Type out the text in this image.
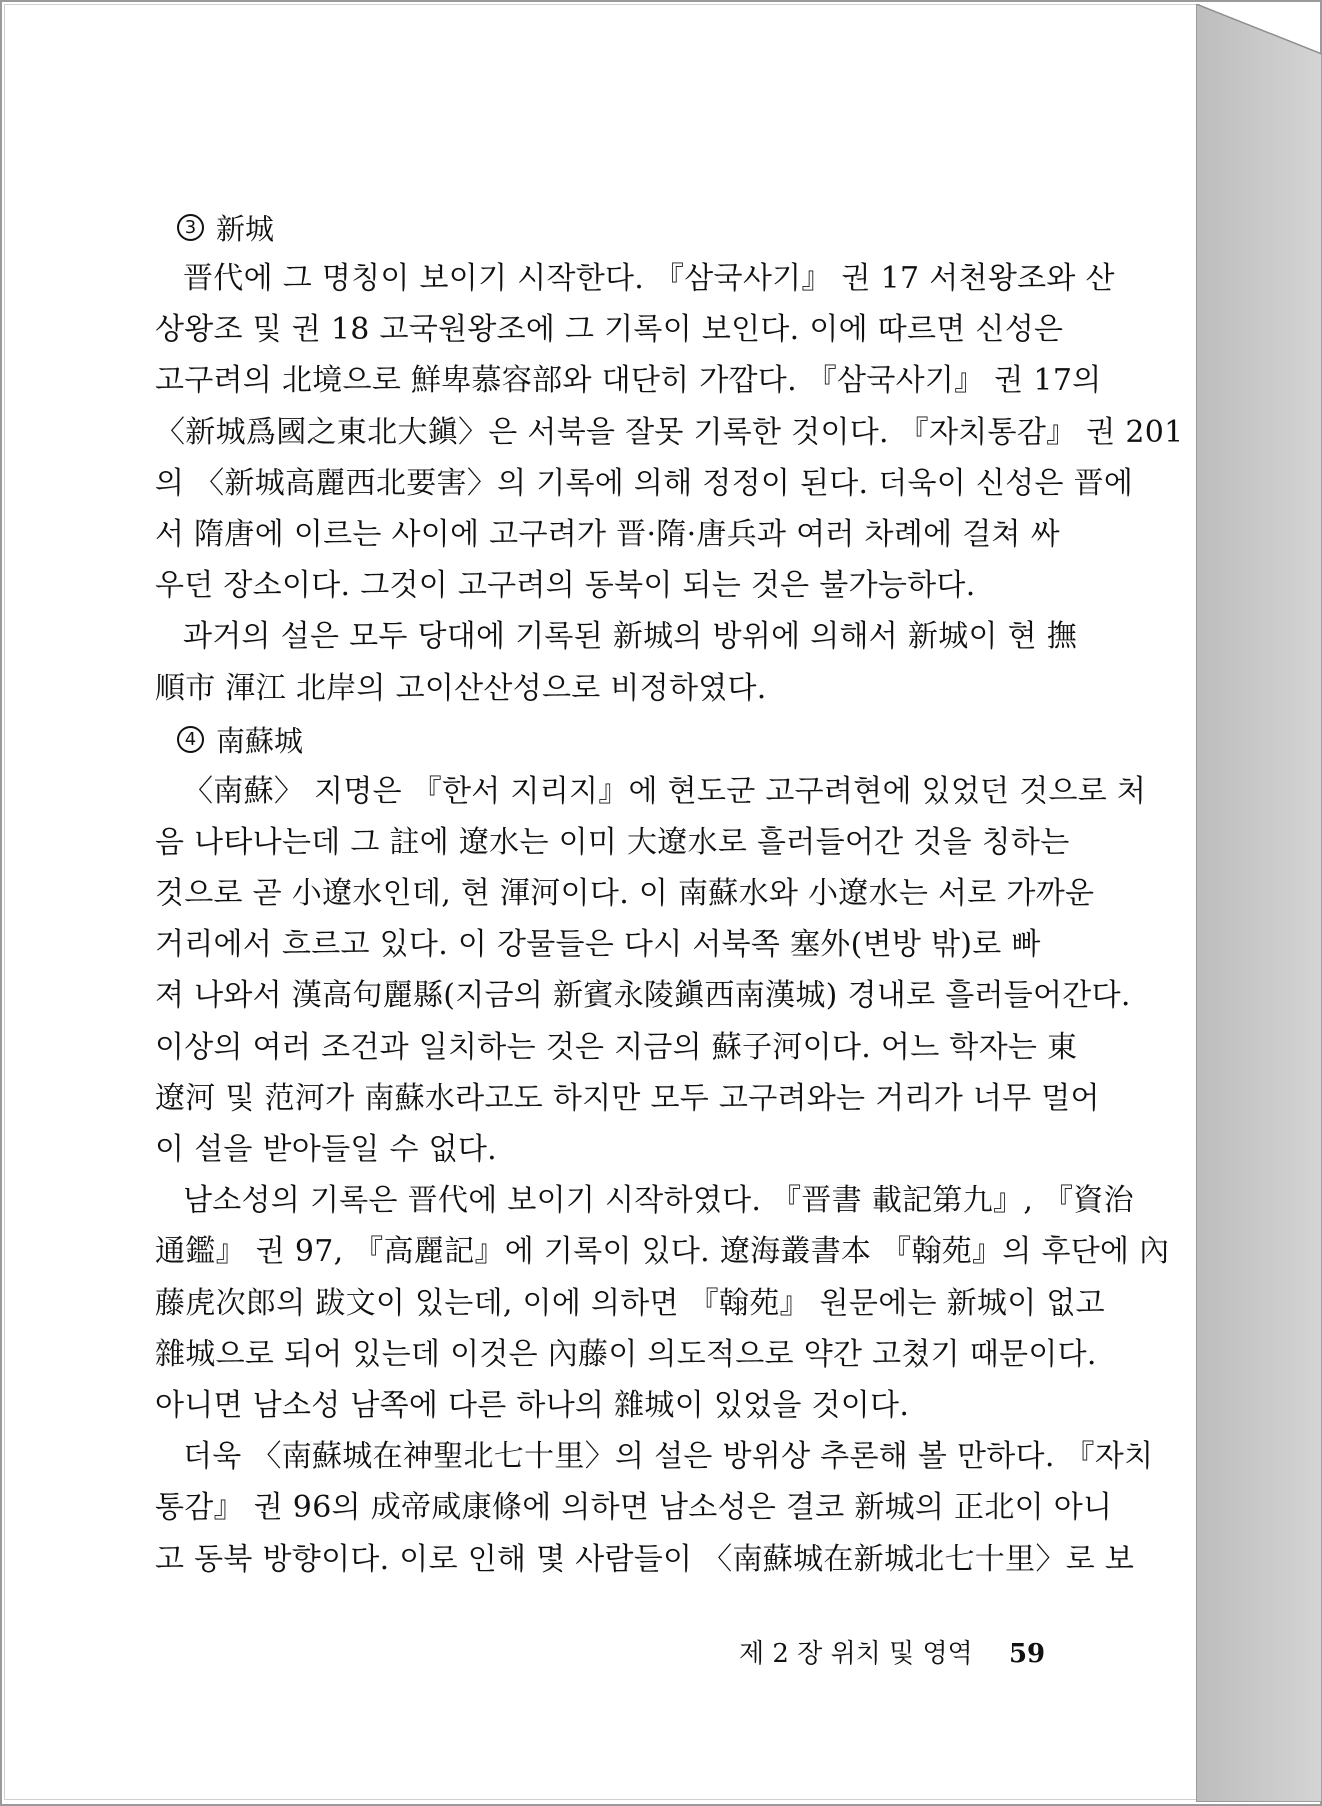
3 新城
晋代에 그 명칭이 보이기 시작한다. 『삼국사기』 권 17 서천왕조와 산
상왕조 및 권 18 고국원왕조에 그 기록이 보인다. 이에 따르면 신성은
고구려의 北境으로 鮮卑慕容部와 대단히 가깝다. 『삼국사기』 권 17의
〈新城爲國之東北大鎭〉은 서북을 잘못 기록한 것이다. 『자치통감』 권 201
의 〈新城高麗西北要害〉의 기록에 의해 정정이 된다. 더욱이 신성은 晋에
서 隋唐에 이르는 사이에 고구려가 晋·隋·唐兵과 여러 차례에 걸쳐 싸
우던 장소이다. 그것이 고구려의 동북이 되는 것은 불가능하다.
과거의 설은 모두 당대에 기록된 新城의 방위에 의해서 新城이 현 撫
順市 渾江 北岸의 고이산산성으로 비정하였다.
4 南蘇城
〈南蘇〉 지명은 『한서 지리지』에 현도군 고구려현에 있었던 것으로 처
음 나타나는데 그 註에 遼水는 이미 大遼水로 흘러들어간 것을 칭하는
것으로 곧 小遼水인데, 현 渾河이다. 이 南蘇水와 小遼水는 서로 가까운
거리에서 흐르고 있다. 이 강물들은 다시 서북쪽 塞外(변방 밖)로 빠
져 나와서 漢高句麗縣(지금의 新賓永陵鎭西南漢城) 경내로 흘러들어간다.
이상의 여러 조건과 일치하는 것은 지금의 蘇子河이다. 어느 학자는 東
遼河 및 范河가 南蘇水라고도 하지만 모두 고구려와는 거리가 너무 멀어
이 설을 받아들일 수 없다.
남소성의 기록은 晋代에 보이기 시작하였다. 『晋書 載記第九』, 『資治
通鑑』 권 97, 『高麗記』에 기록이 있다. 遼海叢書本 『翰苑』의 후단에 內
藤虎次郎의 跋文이 있는데, 이에 의하면 『翰苑』 원문에는 新城이 없고
雜城으로 되어 있는데 이것은 內藤이 의도적으로 약간 고쳤기 때문이다.
아니면 남소성 남쪽에 다른 하나의 雜城이 있었을 것이다.
더욱 〈南蘇城在神聖北七十里〉의 설은 방위상 추론해 볼 만하다. 『자치
통감』 권 96의 成帝咸康條에 의하면 남소성은 결코 新城의 正北이 아니
고 동북 방향이다. 이로 인해 몇 사람들이 〈南蘇城在新城北七十里〉로 보
제 2 장 위치 및 영역 59
